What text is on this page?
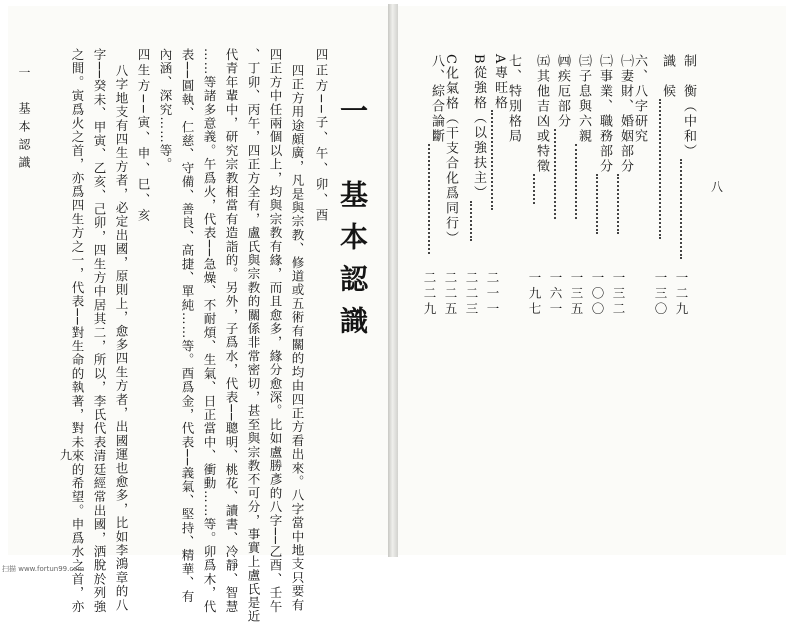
一　基本認識
九
之間。寅爲火之首，亦爲四生方之一，代表──對生命的執著，對未來的希望。申爲水之首，亦 字──癸未、甲寅、乙亥、己卯，四生方中居其二，所以，李氏代表清廷經常出國，洒脫於列強 八字地支有四生方者，必定出國，原則上，愈多四生方者，出國運也愈多，比如李鴻章的八 四生方──寅、申、巳、亥 內涵、深究……等。 表──圓執、仁慈、守備、善良、高捷、單純……等。酉爲金，代表──義氣、堅持、精華、有 ……等諸多意義。午爲火，代表──急燥、不耐煩、生氣、日正當中、衝動……等。卯爲木，代 代青年輩中，研究宗教相當有造詣的。另外，子爲水，代表──聰明、桃花、讀書、冷靜、智慧 、丁卯、丙午，四正方全有，盧氏與宗教的關係非常密切，甚至與宗教不可分，事實上盧氏是近 四正方中任兩個以上，均與宗教有緣，而且愈多，緣分愈深。比如盧勝彥的八字──乙酉、壬午 四正方用途頗廣，凡是與宗教、修道或五術有關的均由四正方看出來。八字當中地支只要有 四正方──子、午、卯、酉 一　基本認識	八
制　衡（中和）
一二九
識　候
一三〇
六、八字研究
㈠妻財、婚姻部分
一三二
㈡事業、職務部分
一〇〇
㈢子息與六親
一三五
㈣疾厄部分
一六一
㈤其他吉凶或特徵
一九七
七、特別格局
A專旺格
二一一
B從強格（以強扶主）
二二三
C化氣格（干支合化爲同行）
二二五
八、綜合論斷
二二九
扫描 www.fortun99.com
